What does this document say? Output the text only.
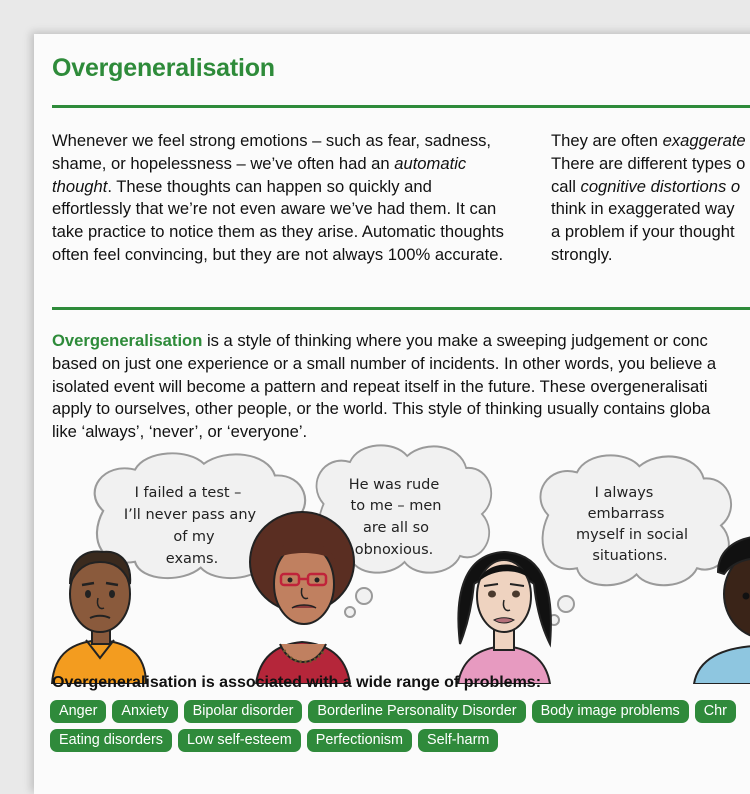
Overgeneralisation

Whenever we feel strong emotions – such as fear, sadness, shame, or hopelessness – we’ve often had an automatic thought. These thoughts can happen so quickly and effortlessly that we’re not even aware we’ve had them. It can take practice to notice them as they arise. Automatic thoughts often feel convincing, but they are not always 100% accurate.

They are often exaggerate
There are different types o
call cognitive distortions o
think in exaggerated way
a problem if your thought
strongly.

Overgeneralisation is a style of thinking where you make a sweeping judgement or conc
based on just one experience or a small number of incidents. In other words, you believe a
isolated event will become a pattern and repeat itself in the future. These overgeneralisati
apply to ourselves, other people, or the world. This style of thinking usually contains globa
like ‘always’, ‘never’, or ‘everyone’.

I failed a test –
I’ll never pass any
of my
exams.
He was rude
to me – men
are all so
obnoxious.
I always
embarrass
myself in social
situations.

Overgeneralisation is associated with a wide range of problems:

Anger	Anxiety	Bipolar disorder	Borderline Personality Disorder	Body image problems	Chr
Eating disorders	Low self-esteem	Perfectionism	Self-harm
